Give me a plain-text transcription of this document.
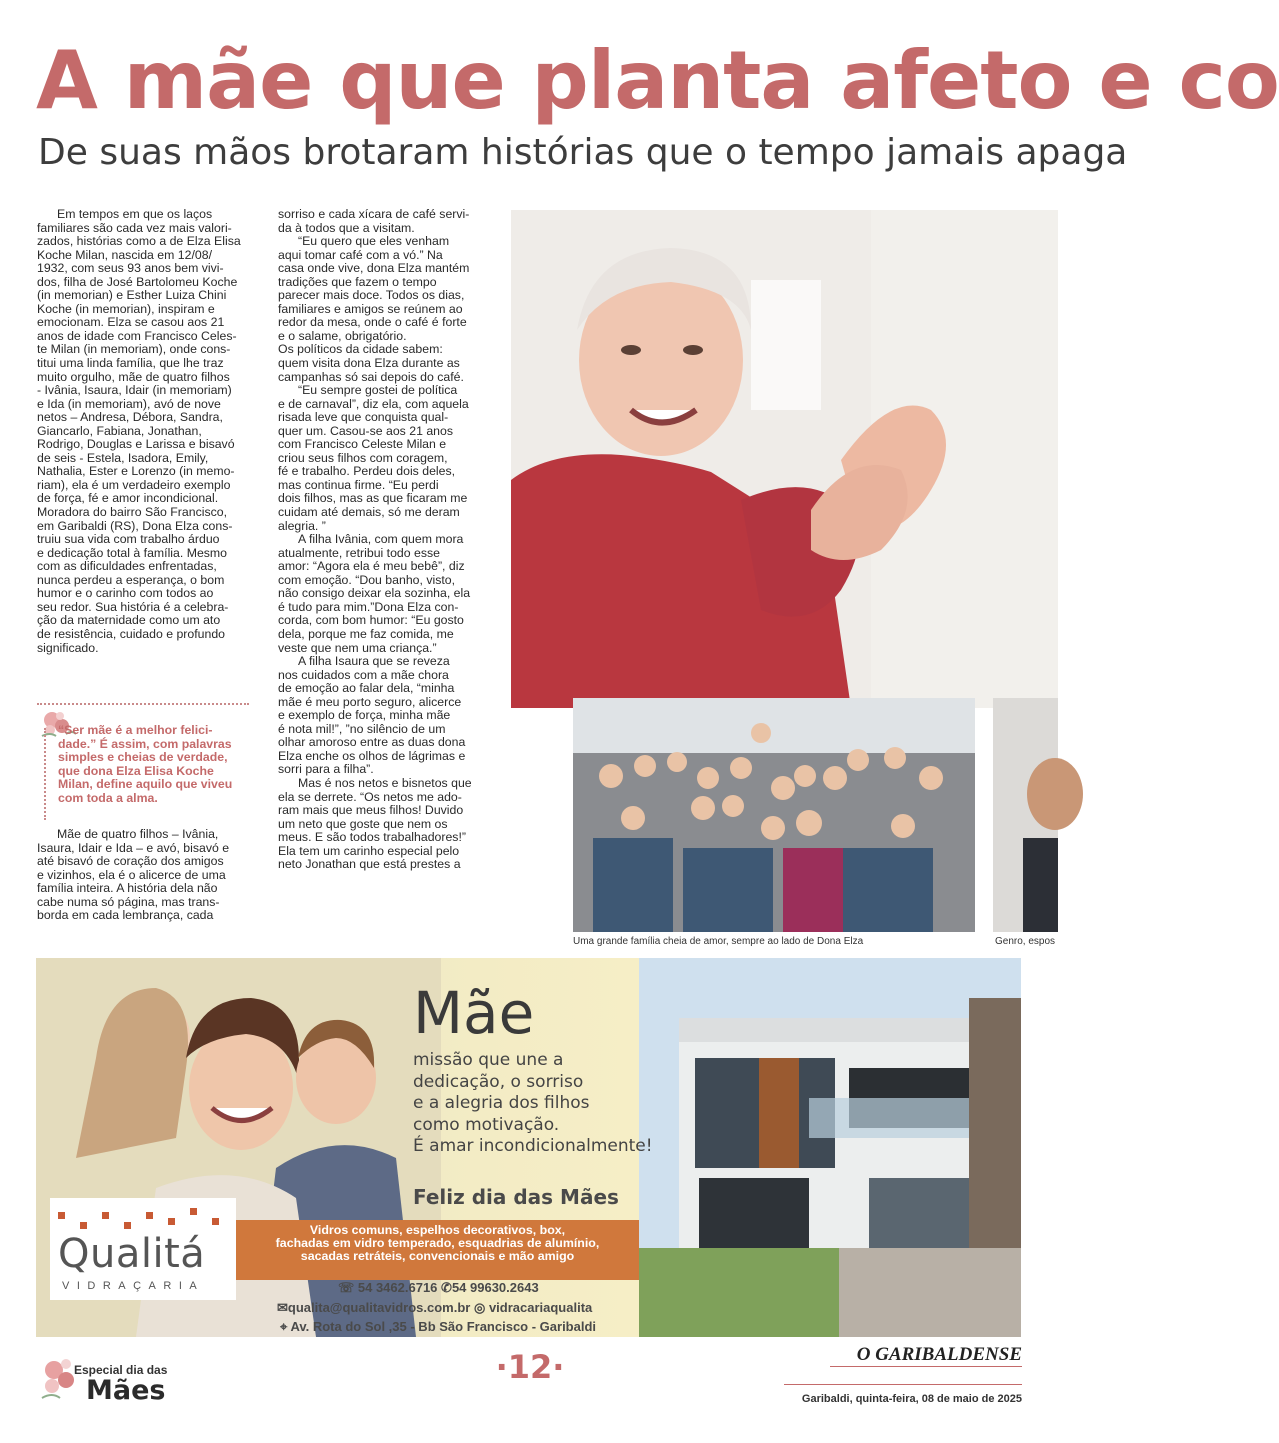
A mãe que planta afeto e co
De suas mãos brotaram histórias que o tempo jamais apaga
Em tempos em que os laços
familiares são cada vez mais valori-
zados, histórias como a de Elza Elisa
Koche Milan, nascida em 12/08/
1932, com seus 93 anos bem vivi-
dos, filha de José Bartolomeu Koche
(in memorian) e Esther Luiza Chini
Koche (in memorian), inspiram e
emocionam. Elza se casou aos 21
anos de idade com Francisco Celes-
te Milan (in memoriam), onde cons-
titui uma linda família, que lhe traz
muito orgulho, mãe de quatro filhos
- Ivânia, Isaura, Idair (in memoriam)
e Ida (in memoriam), avó de nove
netos – Andresa, Débora, Sandra,
Giancarlo, Fabiana, Jonathan,
Rodrigo, Douglas e Larissa e bisavó
de seis - Estela, Isadora, Emily,
Nathalia, Ester e Lorenzo (in memo-
riam), ela é um verdadeiro exemplo
de força, fé e amor incondicional.
Moradora do bairro São Francisco,
em Garibaldi (RS), Dona Elza cons-
truiu sua vida com trabalho árduo
e dedicação total à família. Mesmo
com as dificuldades enfrentadas,
nunca perdeu a esperança, o bom
humor e o carinho com todos ao
seu redor. Sua história é a celebra-
ção da maternidade como um ato
de resistência, cuidado e profundo
significado.
“Ser mãe é a melhor felici-
dade.” É assim, com palavras
simples e cheias de verdade,
que dona Elza Elisa Koche
Milan, define aquilo que viveu
com toda a alma.
Mãe de quatro filhos – Ivânia,
Isaura, Idair e Ida – e avó, bisavó e
até bisavó de coração dos amigos
e vizinhos, ela é o alicerce de uma
família inteira. A história dela não
cabe numa só página, mas trans-
borda em cada lembrança, cada
sorriso e cada xícara de café servi-
da à todos que a visitam.
“Eu quero que eles venham
aqui tomar café com a vó.” Na
casa onde vive, dona Elza mantém
tradições que fazem o tempo
parecer mais doce. Todos os dias,
familiares e amigos se reúnem ao
redor da mesa, onde o café é forte
e o salame, obrigatório.
Os políticos da cidade sabem:
quem visita dona Elza durante as
campanhas só sai depois do café.
“Eu sempre gostei de política
e de carnaval”, diz ela, com aquela
risada leve que conquista qual-
quer um. Casou-se aos 21 anos
com Francisco Celeste Milan e
criou seus filhos com coragem,
fé e trabalho. Perdeu dois deles,
mas continua firme. “Eu perdi
dois filhos, mas as que ficaram me
cuidam até demais, só me deram
alegria. ”
A filha Ivânia, com quem mora
atualmente, retribui todo esse
amor: “Agora ela é meu bebê”, diz
com emoção. “Dou banho, visto,
não consigo deixar ela sozinha, ela
é tudo para mim.”Dona Elza con-
corda, com bom humor: “Eu gosto
dela, porque me faz comida, me
veste que nem uma criança.”
A filha Isaura que se reveza
nos cuidados com a mãe chora
de emoção ao falar dela, “minha
mãe é meu porto seguro, alicerce
e exemplo de força, minha mãe
é nota mil!”, ”no silêncio de um
olhar amoroso entre as duas dona
Elza enche os olhos de lágrimas e
sorri para a filha”.
Mas é nos netos e bisnetos que
ela se derrete. “Os netos me ado-
ram mais que meus filhos! Duvido
um neto que goste que nem os
meus. E são todos trabalhadores!”
Ela tem um carinho especial pelo
neto Jonathan que está prestes a
Uma grande família cheia de amor, sempre ao lado de Dona Elza	Genro, espos
Mãe
missão que une a
dedicação, o sorriso
e a alegria dos filhos
como motivação.
É amar incondicionalmente!
Feliz dia das Mães
Vidros comuns, espelhos decorativos, box,
fachadas em vidro temperado, esquadrias de alumínio,
sacadas retráteis, convencionais e mão amigo
Qualitá
VIDRAÇARIA	☏ 54 3462.6716 ✆54 99630.2643
✉qualita@qualitavidros.com.br ◎ vidracariaqualita
⌖ Av. Rota do Sol ,35 - Bb São Francisco - Garibaldi
Especial dia das
Mães
·12·	O GARIBALDENSE
Garibaldi, quinta-feira, 08 de maio de 2025
